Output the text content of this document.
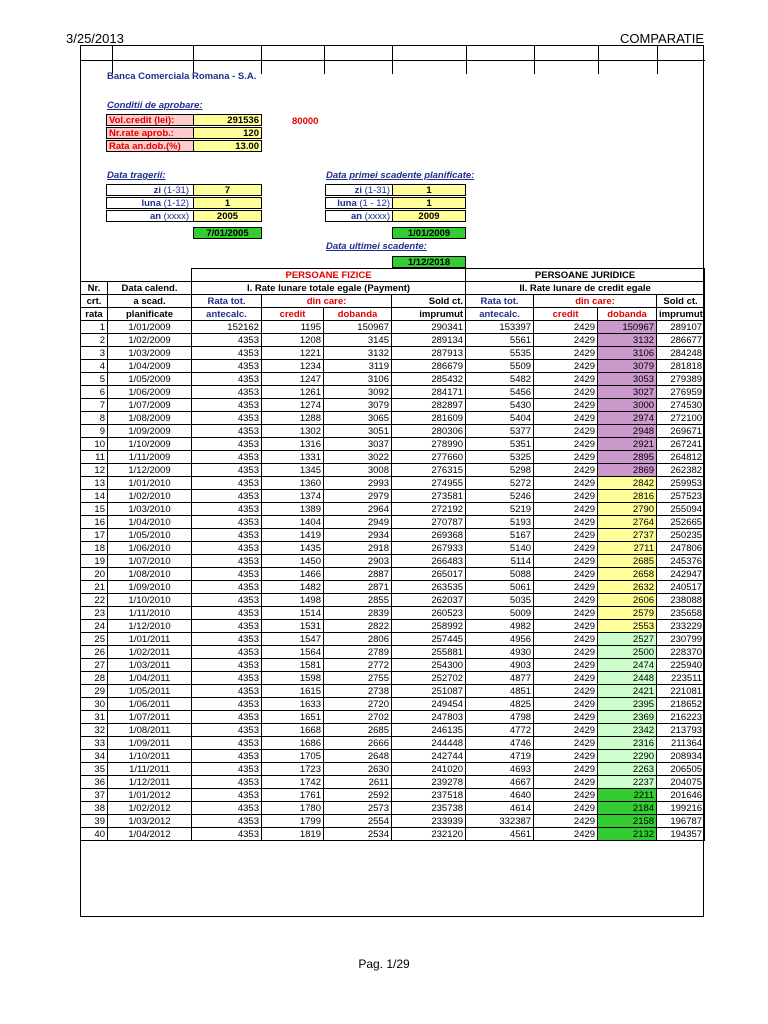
3/25/2013	COMPARATIE
Banca Comerciala Romana - S.A.
Conditii de aprobare:
Vol.credit (lei):	291536	80000
Nr.rate aprob.:	120
Rata an.dob.(%)	13.00
Data tragerii:
zi (1-31)	7
luna (1-12)	1
an (xxxx)	2005
7/01/2005
Data primei scadente planificate:
zi (1-31)	1
luna (1 - 12)	1
an (xxxx)	2009
1/01/2009
Data ultimei scadente:
1/12/2018
		PERSOANE FIZICE				PERSOANE JURIDICE			
Nr.	Data calend.	I. Rate lunare totale egale (Payment)				II. Rate lunare de credit egale			
crt.	a scad.	Rata tot.	din care:		Sold ct.	Rata tot.	din care:		Sold ct.
rata	planificate	antecalc.	credit	dobanda	imprumut	antecalc.	credit	dobanda	imprumut
1	1/01/2009	152162	1195	150967	290341	153397	2429	150967	289107
2	1/02/2009	4353	1208	3145	289134	5561	2429	3132	286677
3	1/03/2009	4353	1221	3132	287913	5535	2429	3106	284248
4	1/04/2009	4353	1234	3119	286679	5509	2429	3079	281818
5	1/05/2009	4353	1247	3106	285432	5482	2429	3053	279389
6	1/06/2009	4353	1261	3092	284171	5456	2429	3027	276959
7	1/07/2009	4353	1274	3079	282897	5430	2429	3000	274530
8	1/08/2009	4353	1288	3065	281609	5404	2429	2974	272100
9	1/09/2009	4353	1302	3051	280306	5377	2429	2948	269671
10	1/10/2009	4353	1316	3037	278990	5351	2429	2921	267241
11	1/11/2009	4353	1331	3022	277660	5325	2429	2895	264812
12	1/12/2009	4353	1345	3008	276315	5298	2429	2869	262382
13	1/01/2010	4353	1360	2993	274955	5272	2429	2842	259953
14	1/02/2010	4353	1374	2979	273581	5246	2429	2816	257523
15	1/03/2010	4353	1389	2964	272192	5219	2429	2790	255094
16	1/04/2010	4353	1404	2949	270787	5193	2429	2764	252665
17	1/05/2010	4353	1419	2934	269368	5167	2429	2737	250235
18	1/06/2010	4353	1435	2918	267933	5140	2429	2711	247806
19	1/07/2010	4353	1450	2903	266483	5114	2429	2685	245376
20	1/08/2010	4353	1466	2887	265017	5088	2429	2658	242947
21	1/09/2010	4353	1482	2871	263535	5061	2429	2632	240517
22	1/10/2010	4353	1498	2855	262037	5035	2429	2606	238088
23	1/11/2010	4353	1514	2839	260523	5009	2429	2579	235658
24	1/12/2010	4353	1531	2822	258992	4982	2429	2553	233229
25	1/01/2011	4353	1547	2806	257445	4956	2429	2527	230799
26	1/02/2011	4353	1564	2789	255881	4930	2429	2500	228370
27	1/03/2011	4353	1581	2772	254300	4903	2429	2474	225940
28	1/04/2011	4353	1598	2755	252702	4877	2429	2448	223511
29	1/05/2011	4353	1615	2738	251087	4851	2429	2421	221081
30	1/06/2011	4353	1633	2720	249454	4825	2429	2395	218652
31	1/07/2011	4353	1651	2702	247803	4798	2429	2369	216223
32	1/08/2011	4353	1668	2685	246135	4772	2429	2342	213793
33	1/09/2011	4353	1686	2666	244448	4746	2429	2316	211364
34	1/10/2011	4353	1705	2648	242744	4719	2429	2290	208934
35	1/11/2011	4353	1723	2630	241020	4693	2429	2263	206505
36	1/12/2011	4353	1742	2611	239278	4667	2429	2237	204075
37	1/01/2012	4353	1761	2592	237518	4640	2429	2211	201646
38	1/02/2012	4353	1780	2573	235738	4614	2429	2184	199216
39	1/03/2012	4353	1799	2554	233939	332387	2429	2158	196787
40	1/04/2012	4353	1819	2534	232120	4561	2429	2132	194357
Pag. 1/29
